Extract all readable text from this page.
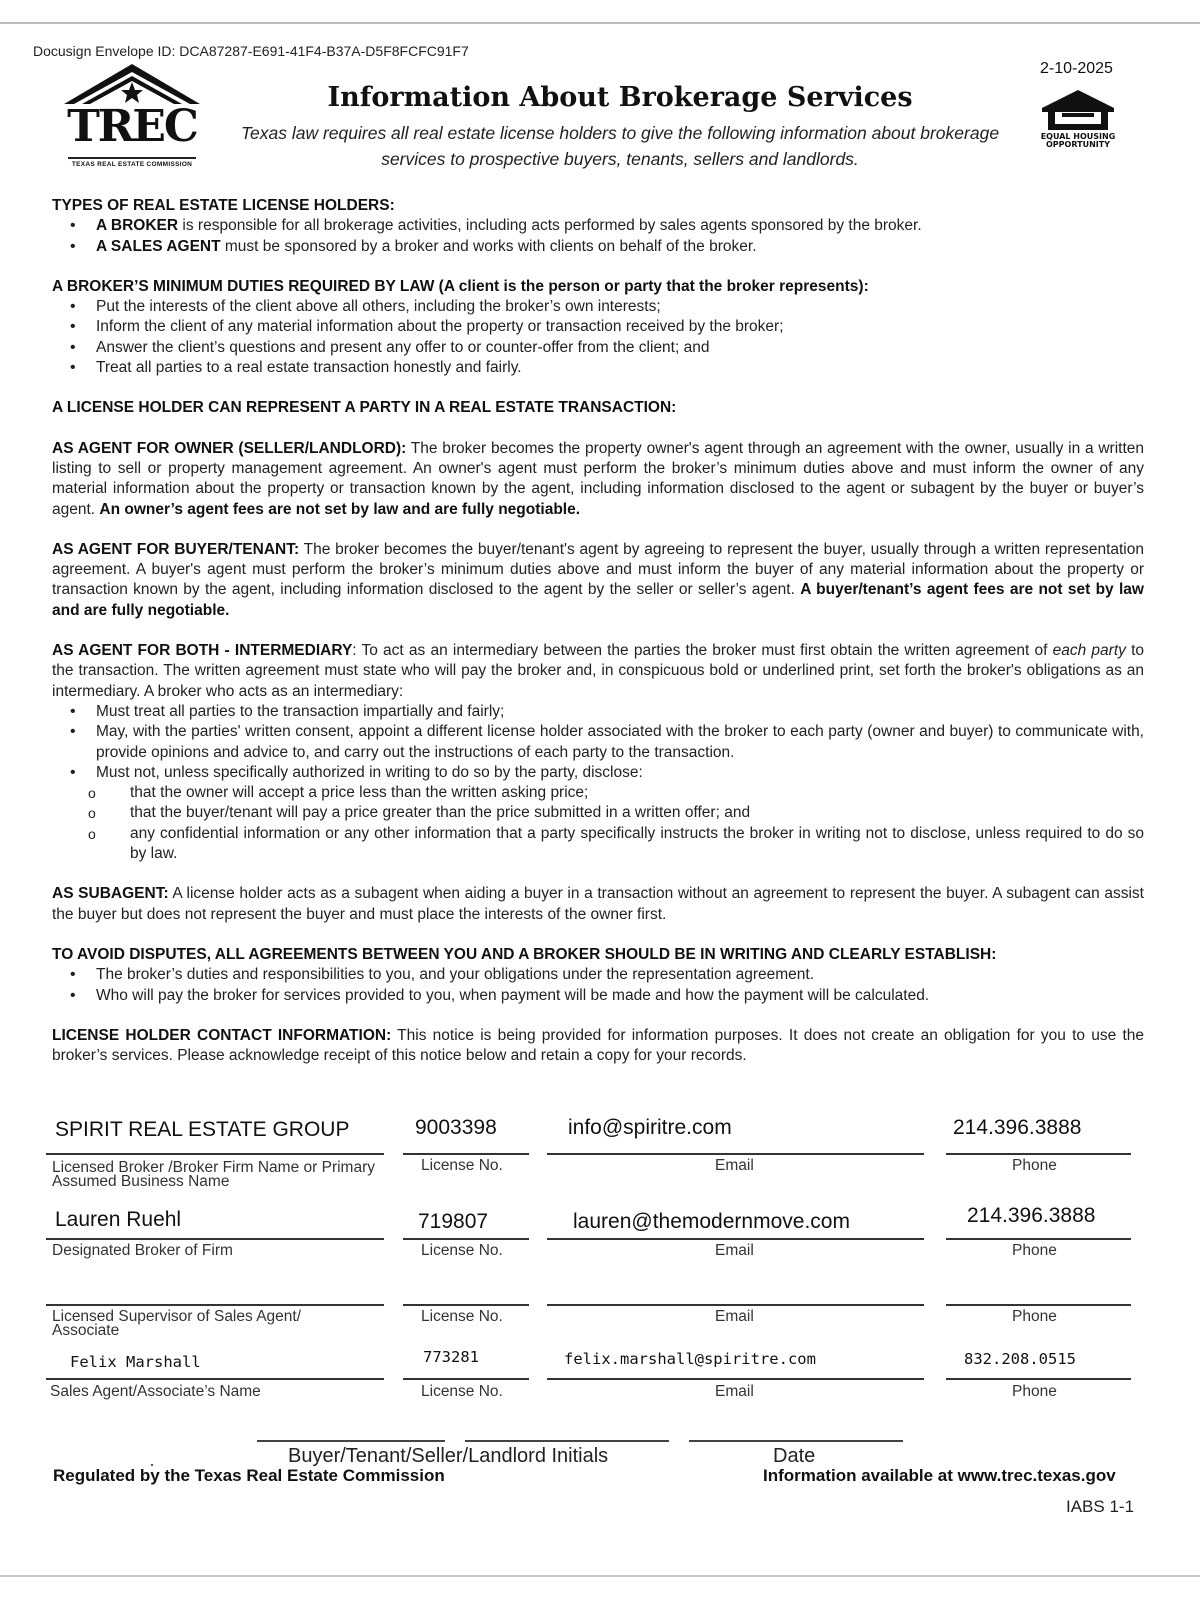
Docusign Envelope ID: DCA87287-E691-41F4-B37A-D5F8FCFC91F7
TREC
TEXAS REAL ESTATE COMMISSION
2-10-2025
EQUAL HOUSING
OPPORTUNITY
Information About Brokerage Services
Texas law requires all real estate license holders to give the following information about brokerage services to prospective buyers, tenants, sellers and landlords.
TYPES OF REAL ESTATE LICENSE HOLDERS:
• A BROKER is responsible for all brokerage activities, including acts performed by sales agents sponsored by the broker.
• A SALES AGENT must be sponsored by a broker and works with clients on behalf of the broker.
A BROKER’S MINIMUM DUTIES REQUIRED BY LAW (A client is the person or party that the broker represents):
• Put the interests of the client above all others, including the broker’s own interests;
• Inform the client of any material information about the property or transaction received by the broker;
• Answer the client’s questions and present any offer to or counter-offer from the client; and
• Treat all parties to a real estate transaction honestly and fairly.

A LICENSE HOLDER CAN REPRESENT A PARTY IN A REAL ESTATE TRANSACTION:

AS AGENT FOR OWNER (SELLER/LANDLORD): The broker becomes the property owner's agent through an agreement with the owner, usually in a written listing to sell or property management agreement. An owner's agent must perform the broker’s minimum duties above and must inform the owner of any material information about the property or transaction known by the agent, including information disclosed to the agent or subagent by the buyer or buyer’s agent. An owner’s agent fees are not set by law and are fully negotiable.

AS AGENT FOR BUYER/TENANT: The broker becomes the buyer/tenant's agent by agreeing to represent the buyer, usually through a written representation agreement. A buyer's agent must perform the broker’s minimum duties above and must inform the buyer of any material information about the property or transaction known by the agent, including information disclosed to the agent by the seller or seller’s agent. A buyer/tenant’s agent fees are not set by law and are fully negotiable.

AS AGENT FOR BOTH - INTERMEDIARY: To act as an intermediary between the parties the broker must first obtain the written agreement of each party to the transaction. The written agreement must state who will pay the broker and, in conspicuous bold or underlined print, set forth the broker's obligations as an intermediary. A broker who acts as an intermediary:

• Must treat all parties to the transaction impartially and fairly;
• May, with the parties' written consent, appoint a different license holder associated with the broker to each party (owner and buyer) to communicate with, provide opinions and advice to, and carry out the instructions of each party to the transaction.
• Must not, unless specifically authorized in writing to do so by the party, disclose:
o that the owner will accept a price less than the written asking price;
o that the buyer/tenant will pay a price greater than the price submitted in a written offer; and
o any confidential information or any other information that a party specifically instructs the broker in writing not to disclose, unless required to do so by law.

AS SUBAGENT: A license holder acts as a subagent when aiding a buyer in a transaction without an agreement to represent the buyer. A subagent can assist the buyer but does not represent the buyer and must place the interests of the owner first.

TO AVOID DISPUTES, ALL AGREEMENTS BETWEEN YOU AND A BROKER SHOULD BE IN WRITING AND CLEARLY ESTABLISH:
• The broker’s duties and responsibilities to you, and your obligations under the representation agreement.
• Who will pay the broker for services provided to you, when payment will be made and how the payment will be calculated.

LICENSE HOLDER CONTACT INFORMATION: This notice is being provided for information purposes. It does not create an obligation for you to use the broker’s services. Please acknowledge receipt of this notice below and retain a copy for your records.

SPIRIT REAL ESTATE GROUP	9003398	info@spiritre.com	214.396.3888
Licensed Broker /Broker Firm Name or Primary Assumed Business Name
License No.	Email	Phone
Lauren Ruehl	719807	lauren@themodernmove.com	214.396.3888
Designated Broker of Firm	License No.	Email	Phone
Licensed Supervisor of Sales Agent/ Associate
License No.	Email	Phone
Felix Marshall	773281	felix.marshall@spiritre.com	832.208.0515
Sales Agent/Associate’s Name	License No.	Email	Phone
Buyer/Tenant/Seller/Landlord Initials	Date
Regulated by the Texas Real Estate Commission	Information available at www.trec.texas.gov
IABS 1-1
